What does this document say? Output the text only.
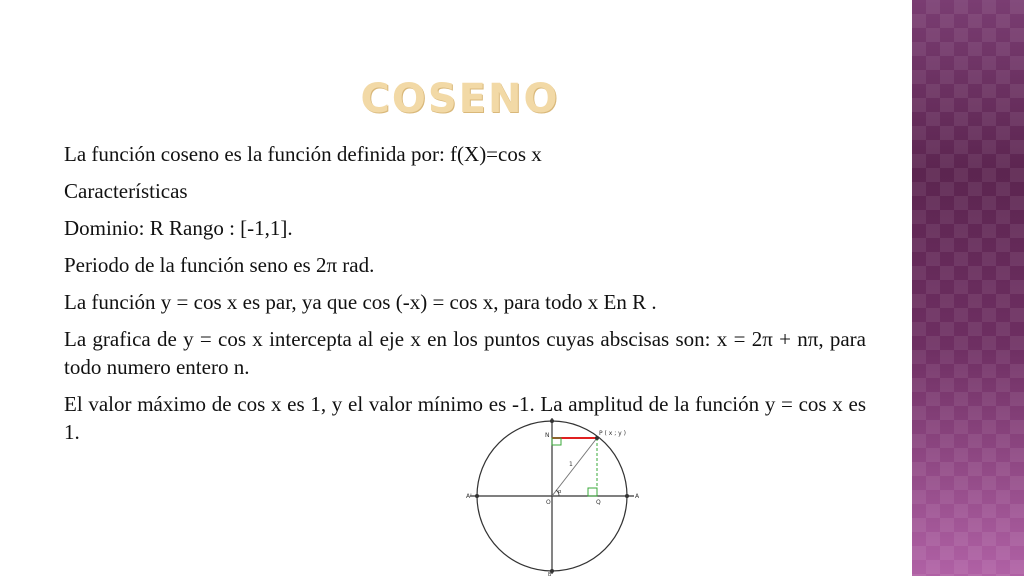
COSENO

La función coseno es la función definida por: f(X)=cos x

Características

Dominio: R Rango : [-1,1].

Periodo de la función seno es 2π rad.

La función y = cos x es par, ya que cos (-x) = cos x, para todo x En R .

La grafica de y = cos x intercepta al eje x en los puntos cuyas abscisas son: x = 2π + nπ, para todo numero entero n.

El valor máximo de cos x es 1, y el valor mínimo es -1. La amplitud de la función y = cos x es 1.	P ( x ; y )
N
O	Q
A
A'
B'
1
α
